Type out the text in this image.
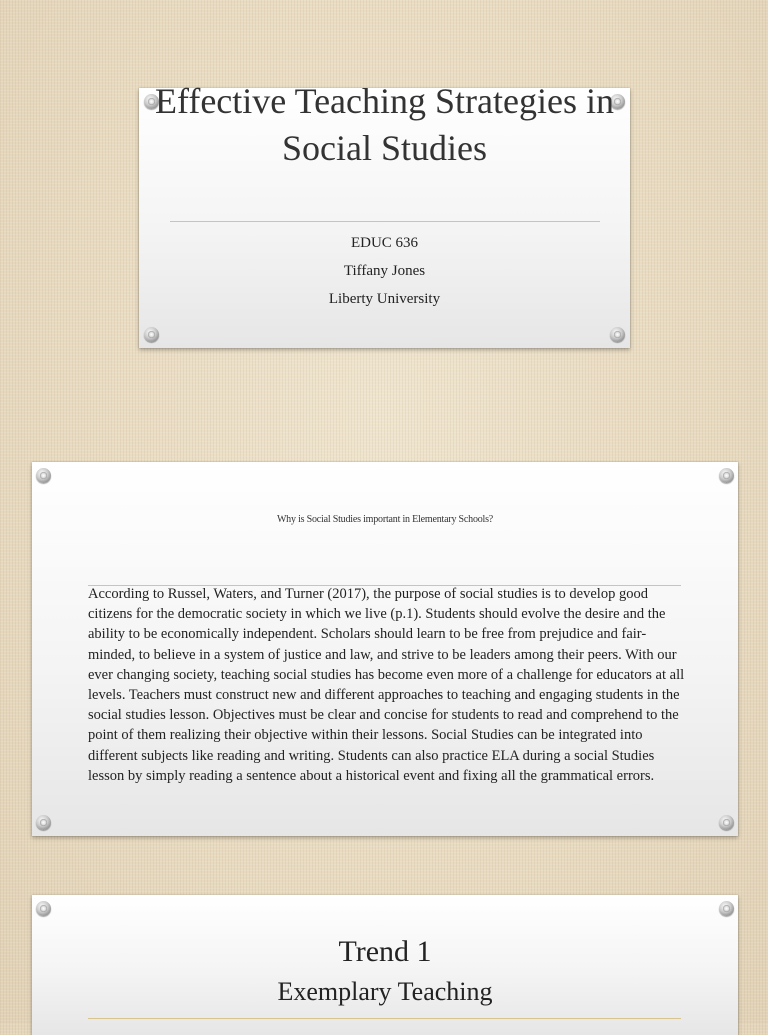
Effective Teaching Strategies in Social Studies
EDUC 636
Tiffany Jones
Liberty University
Why is Social Studies important in Elementary Schools?

According to Russel, Waters, and Turner (2017), the purpose of social studies is to develop good citizens for the democratic society in which we live (p.1). Students should evolve the desire and the ability to be economically independent. Scholars should learn to be free from prejudice and fair-minded, to believe in a system of justice and law, and strive to be leaders among their peers. With our ever changing society, teaching social studies has become even more of a challenge for educators at all levels. Teachers must construct new and different approaches to teaching and engaging students in the social studies lesson. Objectives must be clear and concise for students to read and comprehend to the point of them realizing their objective within their lessons. Social Studies can be integrated into different subjects like reading and writing. Students can also practice ELA during a social Studies lesson by simply reading a sentence about a historical event and fixing all the grammatical errors.

Trend 1
Exemplary Teaching
